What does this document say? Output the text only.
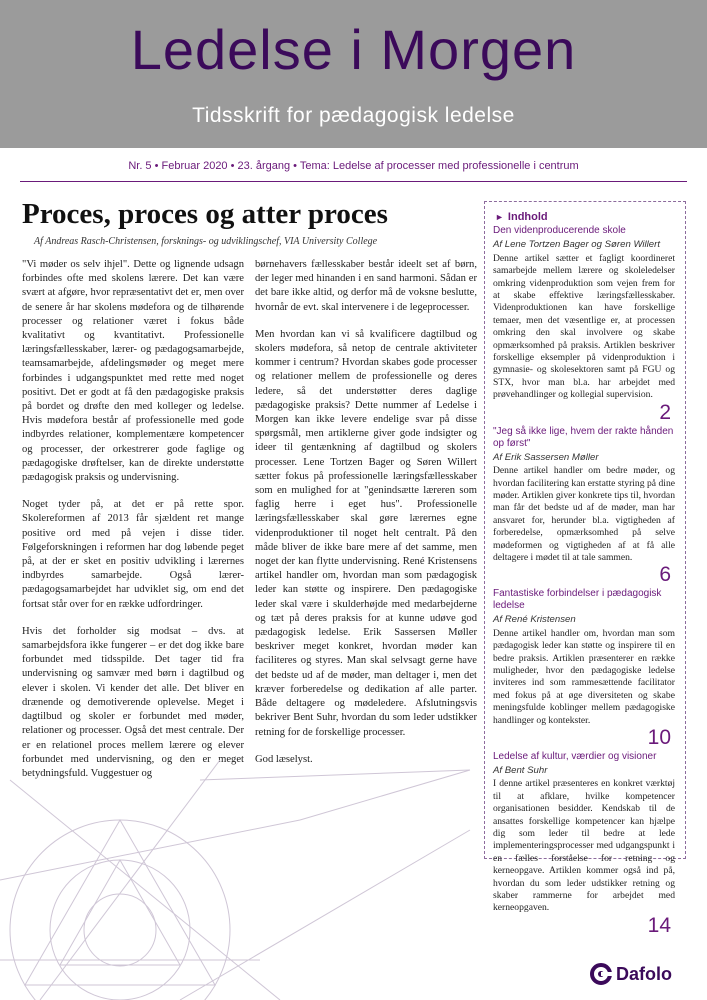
Ledelse i Morgen
Tidsskrift for pædagogisk ledelse
Nr. 5 • Februar 2020 • 23. årgang • Tema: Ledelse af processer med professionelle i centrum
Proces, proces og atter proces
Af Andreas Rasch-Christensen, forsknings- og udviklingschef, VIA University College

"Vi møder os selv ihjel". Dette og lignende udsagn forbindes ofte med skolens lærere. Det kan være svært at afgøre, hvor repræsentativt det er, men over de senere år har skolens mødefora og de tilhørende processer og relationer været i fokus både kvalitativt og kvantitativt. Professionelle læringsfællesskaber, lærer- og pædagogsamarbejde, teamsamarbejde, afdelingsmøder og meget mere forbindes i udgangspunktet med rette med noget positivt. Det er godt at få den pædagogiske praksis på bordet og drøfte den med kolleger og ledelse. Hvis mødefora består af professionelle med gode indbyrdes relationer, komplementære kompetencer og processer, der orkestrerer gode faglige og pædagogiske drøftelser, kan de direkte understøtte pædagogisk praksis og undervisning.

Noget tyder på, at det er på rette spor. Skolereformen af 2013 får sjældent ret mange positive ord med på vejen i disse tider. Følgeforskningen i reformen har dog løbende peget på, at der er sket en positiv udvikling i lærernes indbyrdes samarbejde. Også lærer-pædagogsamarbejdet har udviklet sig, om end det fortsat står over for en række udfordringer.

Hvis det forholder sig modsat – dvs. at samarbejdsfora ikke fungerer – er det dog ikke bare forbundet med tidsspilde. Det tager tid fra undervisning og samvær med børn i dagtilbud og elever i skolen. Vi kender det alle. Det bliver en drænende og demotiverende oplevelse. Meget i dagtilbud og skoler er forbundet med møder, relationer og processer. Også det mest centrale. Der er en relationel proces mellem lærere og elever forbundet med undervisning, og den er meget betydningsfuld. Vuggestuer og

børnehavers fællesskaber består ideelt set af børn, der leger med hinanden i en sand harmoni. Sådan er det bare ikke altid, og derfor må de voksne beslutte, hvornår de evt. skal intervenere i de legeprocesser.

Men hvordan kan vi så kvalificere dagtilbud og skolers mødefora, så netop de centrale aktiviteter kommer i centrum? Hvordan skabes gode processer og relationer mellem de professionelle og deres ledere, så det understøtter deres daglige pædagogiske praksis? Dette nummer af Ledelse i Morgen kan ikke levere endelige svar på disse spørgsmål, men artiklerne giver gode indsigter og ideer til gentænkning af dagtilbud og skolers processer. Lene Tortzen Bager og Søren Willert sætter fokus på professionelle læringsfællesskaber som en mulighed for at "genindsætte læreren som faglig herre i eget hus". Professionelle læringsfællesskaber skal gøre lærernes egne videnproduktioner til noget helt centralt. På den måde bliver de ikke bare mere af det samme, men noget der kan flytte undervisning. René Kristensens artikel handler om, hvordan man som pædagogisk leder kan støtte og inspirere. Den pædagogiske leder skal være i skulderhøjde med medarbejderne og tæt på deres praksis for at kunne udøve god pædagogisk ledelse. Erik Sassersen Møller beskriver meget konkret, hvordan møder kan faciliteres og styres. Man skal selvsagt gerne have det bedste ud af de møder, man deltager i, men det kræver forberedelse og dedikation af alle parter. Både deltagere og mødeledere. Afslutningsvis bekriver Bent Suhr, hvordan du som leder udstikker retning for de forskellige processer.

God læselyst.

► Indhold
Den videnproducerende skole
Af Lene Tortzen Bager og Søren Willert
Denne artikel sætter et fagligt koordineret samarbejde mellem lærere og skoleledelser omkring videnproduktion som vejen frem for at skabe effektive læringsfællesskaber. Videnproduktionen kan have forskellige temaer, men det væsentlige er, at processen omkring den skal involvere og skabe opmærksomhed på praksis. Artiklen beskriver forskellige eksempler på videnproduktion i gymnasie- og skolesektoren samt på FGU og STX, hvor man bl.a. har arbejdet med prøvehandlinger og kollegial supervision.
2
"Jeg så ikke lige, hvem der rakte hånden op først"
Af Erik Sassersen Møller
Denne artikel handler om bedre møder, og hvordan facilitering kan erstatte styring på dine møder. Artiklen giver konkrete tips til, hvordan man får det bedste ud af de møder, man har ansvaret for, herunder bl.a. vigtigheden af forberedelse, opmærksomhed på selve mødeformen og vigtigheden af at få alle deltagere i mødet til at tale sammen.
6
Fantastiske forbindelser i pædagogisk ledelse
Af René Kristensen
Denne artikel handler om, hvordan man som pædagogisk leder kan støtte og inspirere til en bedre praksis. Artiklen præsenterer en række muligheder, hvor den pædagogiske ledelse inviteres ind som rammesættende facilitator med fokus på at øge diversiteten og skabe meningsfulde koblinger mellem pædagogiske handlinger og kontekster.
10
Ledelse af kultur, værdier og visioner
Af Bent Suhr
I denne artikel præsenteres en konkret værktøj til at afklare, hvilke kompetencer organisationen besidder. Kendskab til de ansattes forskellige kompetencer kan hjælpe dig som leder til bedre at lede implementeringsprocesser med udgangspunkt i en fælles forståelse for retning og kerneopgave. Artiklen kommer også ind på, hvordan du som leder udstikker retning og skaber rammerne for arbejdet med kerneopgaven.
14
Dafolo
